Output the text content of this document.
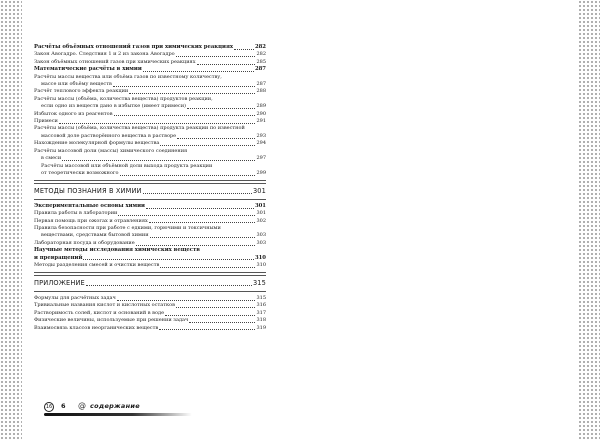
Расчёты объёмных отношений газов при химических реакциях	282
Закон Авогадро. Следствия 1 и 2 из закона Авогадро	282
Закон объёмных отношений газов при химических реакциях	285
Математические расчёты в химии	287
Расчёты массы вещества или объёма газов по известному количеству,
массе или объёму веществ	287
Расчёт теплового эффекта реакции	288
Расчёты массы (объёма, количества вещества) продуктов реакции,
если одно из веществ дано в избытке (имеет примеси)	289
Избыток одного из реагентов	290
Примеси	291
Расчёты массы (объёма, количества вещества) продукта реакции по известной
массовой доле растворённого вещества в растворе	293
Нахождение молекулярной формулы вещества	294
Расчёты массовой доли (массы) химического соединения
в смеси	297
Расчёты массовой или объёмной доли выхода продукта реакции
от теоретически возможного	299
МЕТОДЫ ПОЗНАНИЯ В ХИМИИ	301
Экспериментальные основы химии	301
Правила работы в лаборатории	301
Первая помощь при ожогах и отравлениях	302
Правила безопасности при работе с едкими, горючими и токсичными
веществами, средствами бытовой химии	303
Лабораторная посуда и оборудование	303
Научные методы исследования химических веществ
и превращений	310
Методы разделения смесей и очистки веществ	310
ПРИЛОЖЕНИЕ	315
Формулы для расчётных задач	315
Тривиальные названия кислот и кислотных остатков	316
Растворимость солей, кислот и оснований в воде	317
Физические величины, используемые при решении задач	318
Взаимосвязь классов неорганических веществ	319
16 6 @ содержание
